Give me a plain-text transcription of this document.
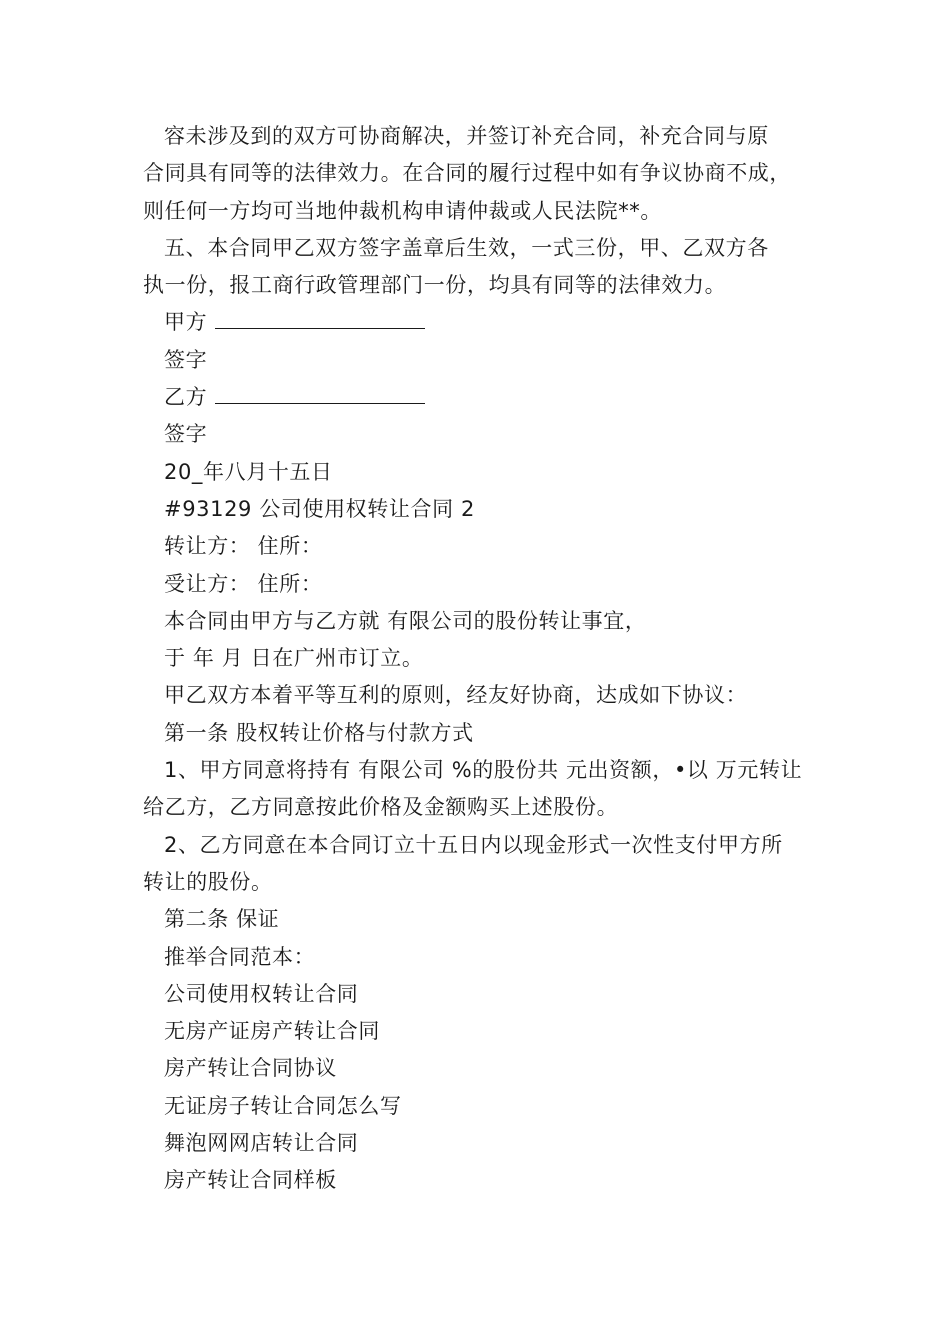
容未涉及到的双方可协商解决，并签订补充合同，补充合同与原
合同具有同等的法律效力。在合同的履行过程中如有争议协商不成，
则任何一方均可当地仲裁机构申请仲裁或人民法院**。
五、本合同甲乙双方签字盖章后生效，一式三份，甲、乙双方各
执一份，报工商行政管理部门一份，均具有同等的法律效力。
甲方
签字
乙方
签字
20_年八月十五日
#93129 公司使用权转让合同 2
转让方： 住所：
受让方： 住所：
本合同由甲方与乙方就 有限公司的股份转让事宜，
于 年 月 日在广州市订立。
甲乙双方本着平等互利的原则，经友好协商，达成如下协议：
第一条 股权转让价格与付款方式
1、甲方同意将持有 有限公司 %的股份共 元出资额，•以 万元转让
给乙方，乙方同意按此价格及金额购买上述股份。
2、乙方同意在本合同订立十五日内以现金形式一次性支付甲方所
转让的股份。
第二条 保证
推举合同范本：
公司使用权转让合同
无房产证房产转让合同
房产转让合同协议
无证房子转让合同怎么写
舞泡网网店转让合同
房产转让合同样板
